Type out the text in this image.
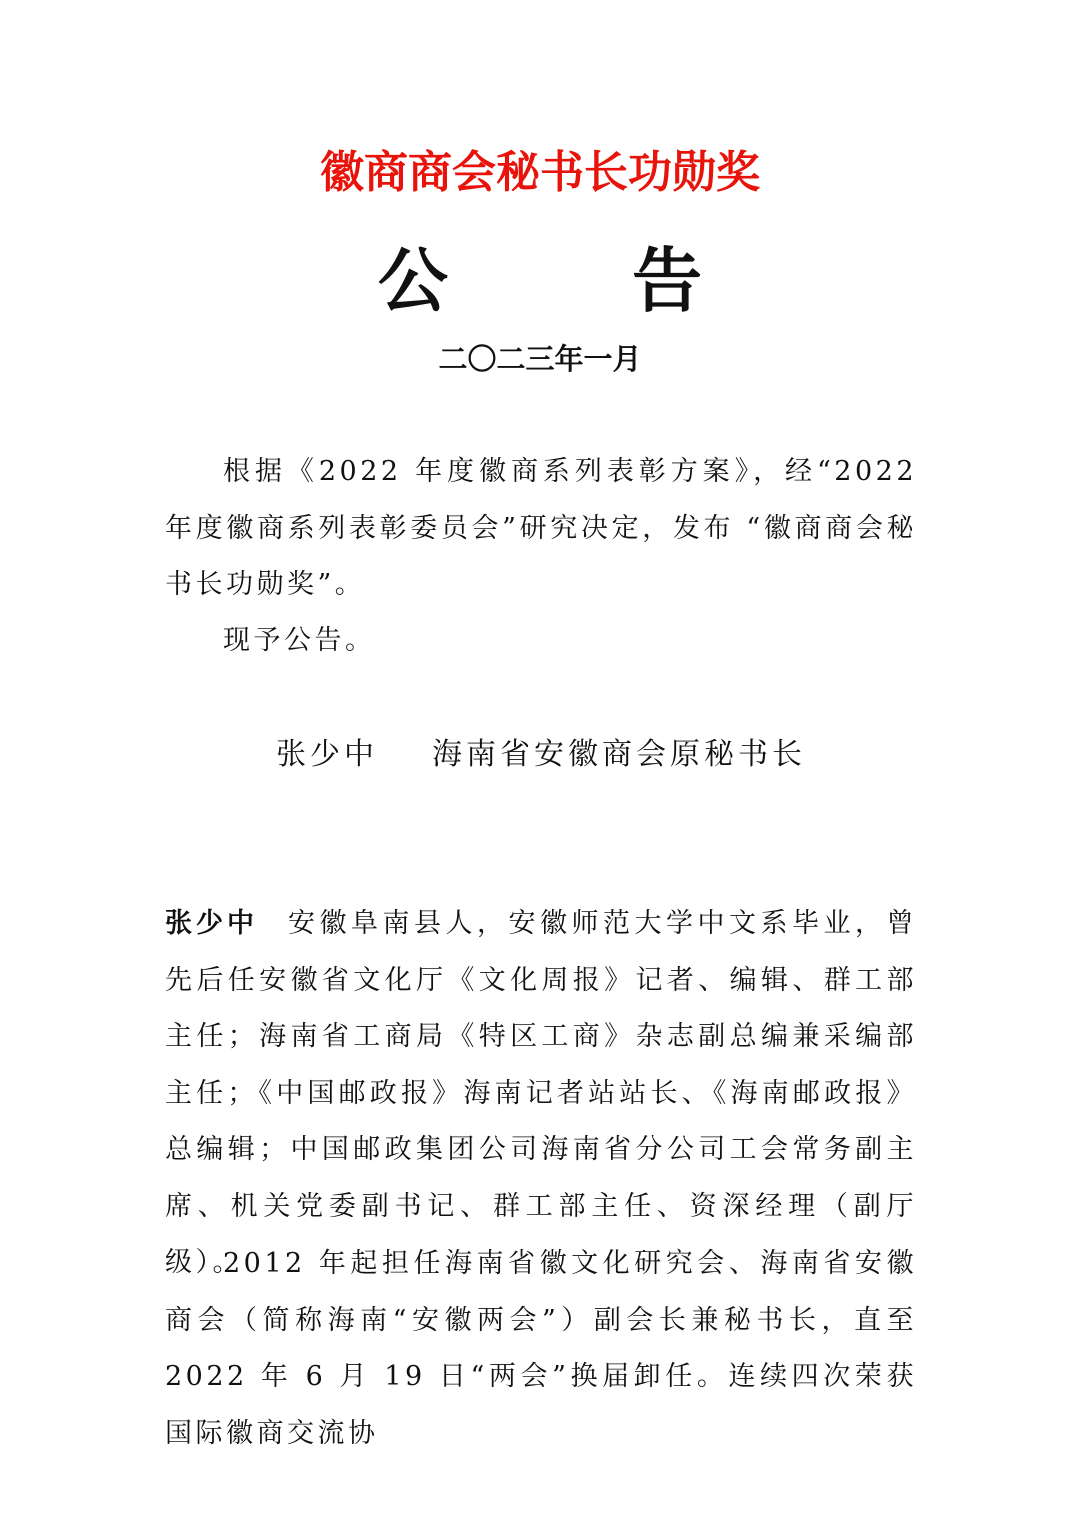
徽商商会秘书长功勋奖
公 告
二〇二三年一月

根据《2022 年度徽商系列表彰方案》，经“2022 年度徽商系列表彰委员会”研究决定，发布 “徽商商会秘书长功勋奖”。

现予公告。

张少中 海南省安徽商会原秘书长

张少中 安徽阜南县人，安徽师范大学中文系毕业，曾先后任安徽省文化厅《文化周报》记者、编辑、群工部主任；海南省工商局《特区工商》杂志副总编兼采编部主任；《中国邮政报》海南记者站站长、《海南邮政报》总编辑；中国邮政集团公司海南省分公司工会常务副主席、机关党委副书记、群工部主任、资深经理（副厅级）。

2012 年起担任海南省徽文化研究会、海南省安徽商会（简称海南“安徽两会”）副会长兼秘书长，直至 2022 年 6 月 19 日“两会”换届卸任。连续四次荣获国际徽商交流协
